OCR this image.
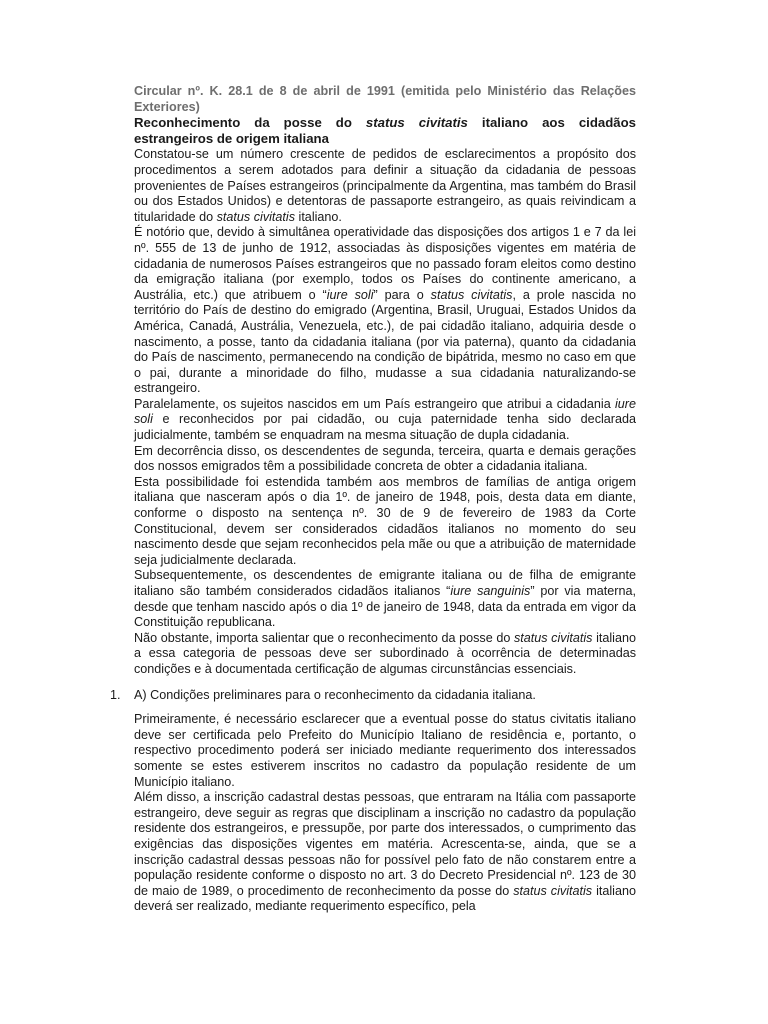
Circular nº. K. 28.1 de 8 de abril de 1991 (emitida pelo Ministério das Relações Exteriores)

Reconhecimento da posse do status civitatis italiano aos cidadãos estrangeiros de origem italiana

Constatou-se um número crescente de pedidos de esclarecimentos a propósito dos procedimentos a serem adotados para definir a situação da cidadania de pessoas provenientes de Países estrangeiros (principalmente da Argentina, mas também do Brasil ou dos Estados Unidos) e detentoras de passaporte estrangeiro, as quais reivindicam a titularidade do status civitatis italiano.

É notório que, devido à simultânea operatividade das disposições dos artigos 1 e 7 da lei nº. 555 de 13 de junho de 1912, associadas às disposições vigentes em matéria de cidadania de numerosos Países estrangeiros que no passado foram eleitos como destino da emigração italiana (por exemplo, todos os Países do continente americano, a Austrália, etc.) que atribuem o “iure soli” para o status civitatis, a prole nascida no território do País de destino do emigrado (Argentina, Brasil, Uruguai, Estados Unidos da América, Canadá, Austrália, Venezuela, etc.), de pai cidadão italiano, adquiria desde o nascimento, a posse, tanto da cidadania italiana (por via paterna), quanto da cidadania do País de nascimento, permanecendo na condição de bipátrida, mesmo no caso em que o pai, durante a minoridade do filho, mudasse a sua cidadania naturalizando-se estrangeiro.

Paralelamente, os sujeitos nascidos em um País estrangeiro que atribui a cidadania iure soli e reconhecidos por pai cidadão, ou cuja paternidade tenha sido declarada judicialmente, também se enquadram na mesma situação de dupla cidadania.

Em decorrência disso, os descendentes de segunda, terceira, quarta e demais gerações dos nossos emigrados têm a possibilidade concreta de obter a cidadania italiana.

Esta possibilidade foi estendida também aos membros de famílias de antiga origem italiana que nasceram após o dia 1º. de janeiro de 1948, pois, desta data em diante, conforme o disposto na sentença nº. 30 de 9 de fevereiro de 1983 da Corte Constitucional, devem ser considerados cidadãos italianos no momento do seu nascimento desde que sejam reconhecidos pela mãe ou que a atribuição de maternidade seja judicialmente declarada.

Subsequentemente, os descendentes de emigrante italiana ou de filha de emigrante italiano são também considerados cidadãos italianos “iure sanguinis” por via materna, desde que tenham nascido após o dia 1º de janeiro de 1948, data da entrada em vigor da Constituição republicana.

Não obstante, importa salientar que o reconhecimento da posse do status civitatis italiano a essa categoria de pessoas deve ser subordinado à ocorrência de determinadas condições e à documentada certificação de algumas circunstâncias essenciais.

1. A) Condições preliminares para o reconhecimento da cidadania italiana.

Primeiramente, é necessário esclarecer que a eventual posse do status civitatis italiano deve ser certificada pelo Prefeito do Município Italiano de residência e, portanto, o respectivo procedimento poderá ser iniciado mediante requerimento dos interessados somente se estes estiverem inscritos no cadastro da população residente de um Município italiano.

Além disso, a inscrição cadastral destas pessoas, que entraram na Itália com passaporte estrangeiro, deve seguir as regras que disciplinam a inscrição no cadastro da população residente dos estrangeiros, e pressupõe, por parte dos interessados, o cumprimento das exigências das disposições vigentes em matéria. Acrescenta-se, ainda, que se a inscrição cadastral dessas pessoas não for possível pelo fato de não constarem entre a população residente conforme o disposto no art. 3 do Decreto Presidencial nº. 123 de 30 de maio de 1989, o procedimento de reconhecimento da posse do status civitatis italiano deverá ser realizado, mediante requerimento específico, pela
